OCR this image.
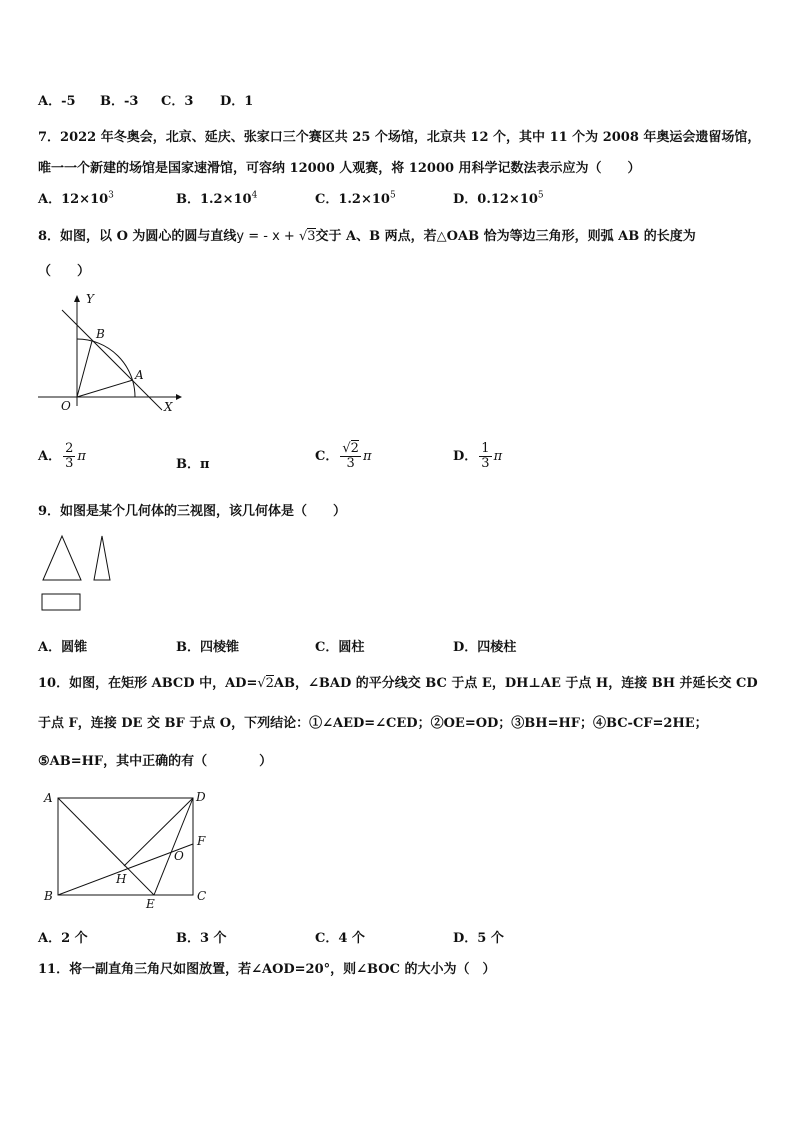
A．-5 B．-3 C．3 D．1
7．2022 年冬奥会，北京、延庆、张家口三个赛区共 25 个场馆，北京共 12 个，其中 11 个为 2008 年奥运会遗留场馆，
唯一一个新建的场馆是国家速滑馆，可容纳 12000 人观赛，将 12000 用科学记数法表示应为（　　）
A．$12\times 10^3$	B．$1.2\times 10^4$	C．$1.2\times 10^5$	D．$0.12\times 10^5$
8．如图，以 O 为圆心的圆与直线y = - x + √3交于 A、B 两点，若△OAB 恰为等边三角形，则弧 AB 的长度为
（　　）
Y
X
O
A
B
A． $\frac{2}{3}$ π
B．π
C． $\frac{√2}{3}$ π	D． $\frac{1}{3}$ π
9．如图是某个几何体的三视图，该几何体是（　　）
A．圆锥	B．四棱锥	C．圆柱	D．四棱柱
10．如图，在矩形 ABCD 中，AD=√2AB，∠BAD 的平分线交 BC 于点 E，DH⊥AE 于点 H，连接 BH 并延长交 CD
于点 F，连接 DE 交 BF 于点 O，下列结论：①∠AED=∠CED；②OE=OD；③BH=HF；④BC-CF=2HE；
⑤AB=HF，其中正确的有（　　　　）
A
B	C
D
E
F
H
O
A．2 个	B．3 个	C．4 个	D．5 个
11．将一副直角三角尺如图放置，若∠AOD=20°，则∠BOC 的大小为（　）
